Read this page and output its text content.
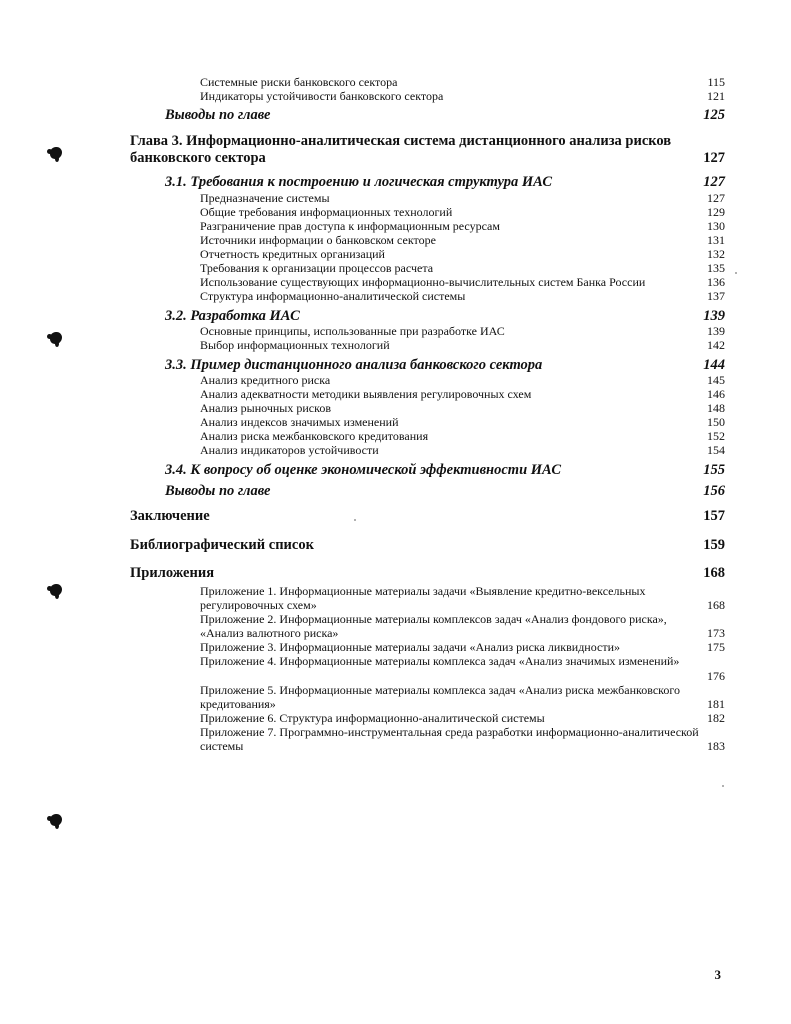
Системные риски банковского сектора	115
Индикаторы устойчивости банковского сектора	121
Выводы по главе	125
Глава 3. Информационно-аналитическая система дистанционного анализа рисков
банковского сектора	127
3.1. Требования к построению и логическая структура ИАС	127
Предназначение системы	127
Общие требования информационных технологий	129
Разграничение прав доступа к информационным ресурсам	130
Источники информации о банковском секторе	131
Отчетность кредитных организаций	132
Требования к организации процессов расчета	135
Использование существующих информационно-вычислительных систем Банка России	136
Структура информационно-аналитической системы	137
3.2. Разработка ИАС	139
Основные принципы, использованные при разработке ИАС	139
Выбор информационных технологий	142
3.3. Пример дистанционного анализа банковского сектора	144
Анализ кредитного риска	145
Анализ адекватности методики выявления регулировочных схем	146
Анализ рыночных рисков	148
Анализ индексов значимых изменений	150
Анализ риска межбанковского кредитования	152
Анализ индикаторов устойчивости	154
3.4. К вопросу об оценке экономической эффективности ИАС	155
Выводы по главе	156
Заключение	157
Библиографический список	159
Приложения	168
Приложение 1. Информационные материалы задачи «Выявление кредитно-вексельных
регулировочных схем»	168
Приложение 2. Информационные материалы комплексов задач «Анализ фондового риска»,
«Анализ валютного риска»	173
Приложение 3. Информационные материалы задачи «Анализ риска ликвидности»	175
Приложение 4. Информационные материалы комплекса задач «Анализ значимых изменений»
176
Приложение 5. Информационные материалы комплекса задач «Анализ риска межбанковского
кредитования»	181
Приложение 6. Структура информационно-аналитической системы	182
Приложение 7. Программно-инструментальная среда разработки информационно-аналитической
системы	183
3
